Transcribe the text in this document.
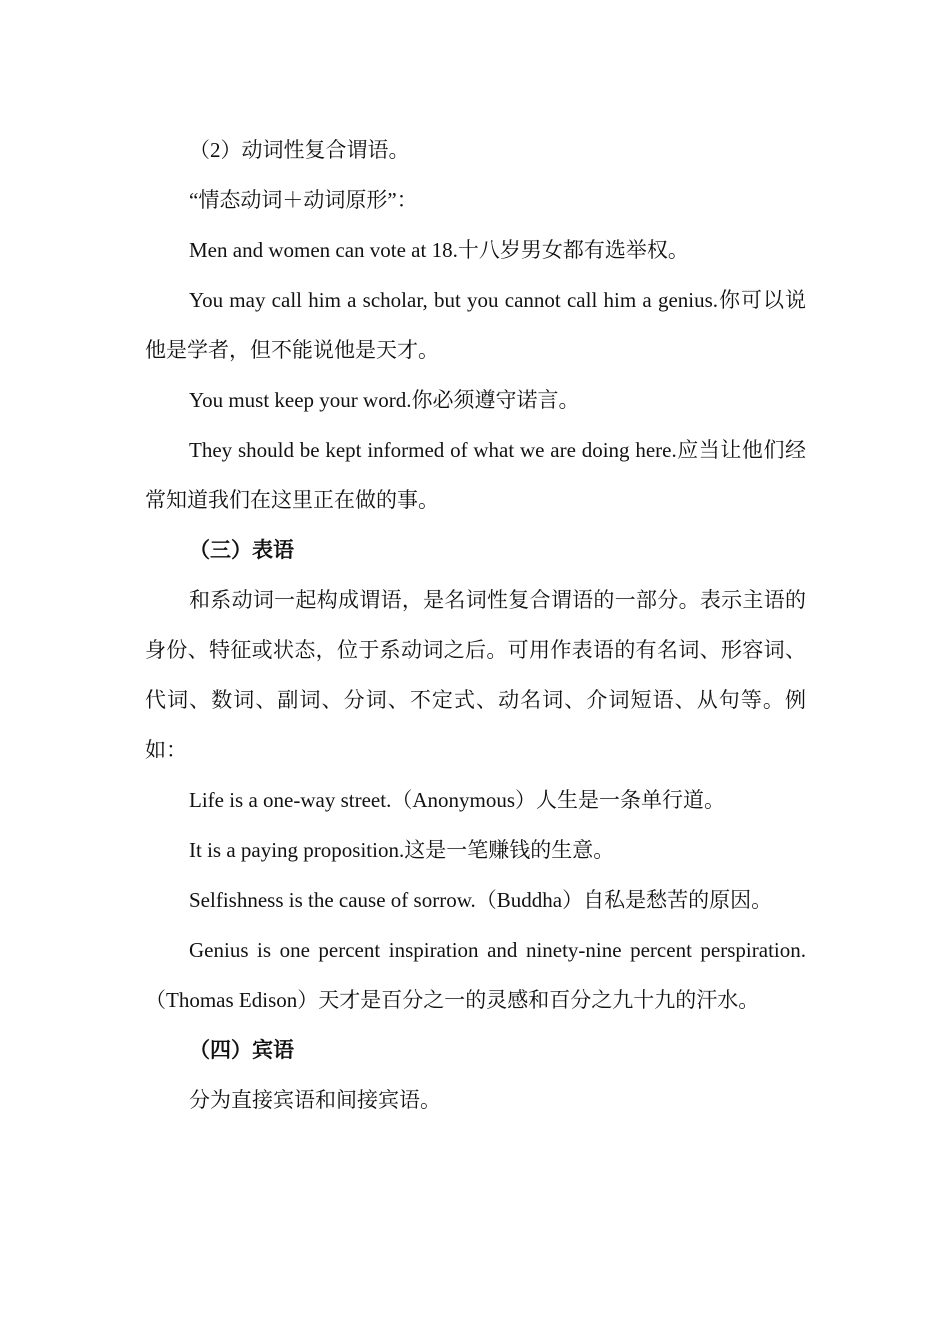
（2）动词性复合谓语。

“情态动词＋动词原形”：

Men and women can vote at 18.十八岁男女都有选举权。

You may call him a scholar, but you cannot call him a genius.你可以说他是学者，但不能说他是天才。

You must keep your word.你必须遵守诺言。

They should be kept informed of what we are doing here.应当让他们经常知道我们在这里正在做的事。

（三）表语

和系动词一起构成谓语，是名词性复合谓语的一部分。表示主语的身份、特征或状态，位于系动词之后。可用作表语的有名词、形容词、代词、数词、副词、分词、不定式、动名词、介词短语、从句等。例如：

Life is a one-way street.（Anonymous）人生是一条单行道。

It is a paying proposition.这是一笔赚钱的生意。

Selfishness is the cause of sorrow.（Buddha）自私是愁苦的原因。

Genius is one percent inspiration and ninety-nine percent perspiration.（Thomas Edison）天才是百分之一的灵感和百分之九十九的汗水。

（四）宾语

分为直接宾语和间接宾语。
